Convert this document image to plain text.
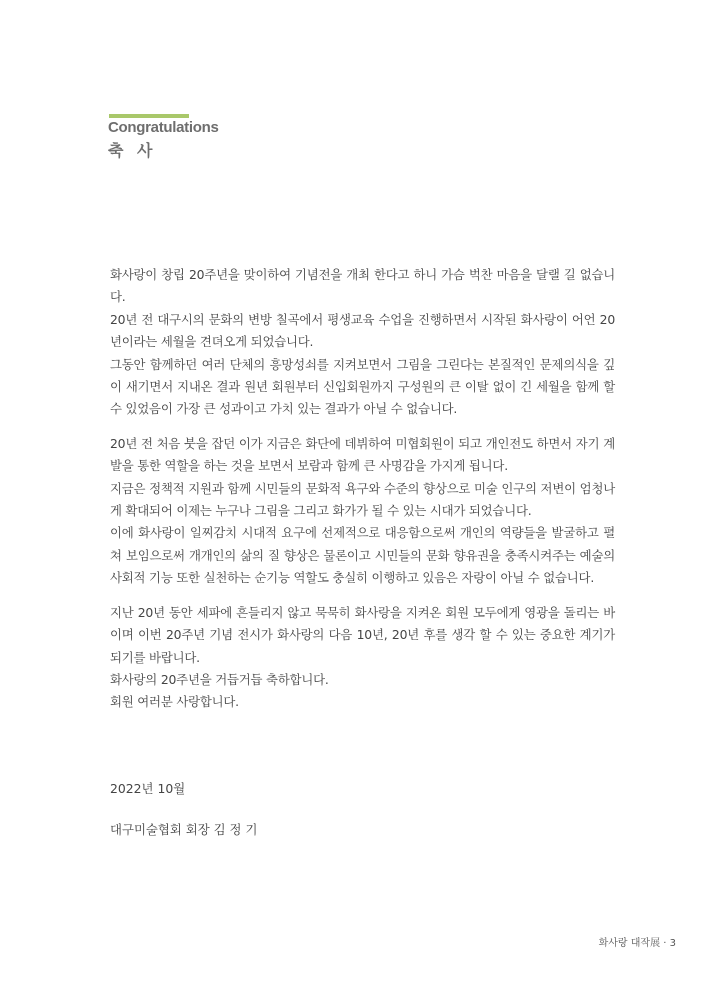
Congratulations
축 사

화사랑이 창립 20주년을 맞이하여 기념전을 개최 한다고 하니 가슴 벅찬 마음을 달랠 길 없습니다.

20년 전 대구시의 문화의 변방 칠곡에서 평생교육 수업을 진행하면서 시작된 화사랑이 어언 20년이라는 세월을 견뎌오게 되었습니다.

그동안 함께하던 여러 단체의 흥망성쇠를 지켜보면서 그림을 그린다는 본질적인 문제의식을 깊이 새기면서 지내온 결과 원년 회원부터 신입회원까지 구성원의 큰 이탈 없이 긴 세월을 함께 할 수 있었음이 가장 큰 성과이고 가치 있는 결과가 아닐 수 없습니다.

20년 전 처음 붓을 잡던 이가 지금은 화단에 데뷔하여 미협회원이 되고 개인전도 하면서 자기 계발을 통한 역할을 하는 것을 보면서 보람과 함께 큰 사명감을 가지게 됩니다.

지금은 정책적 지원과 함께 시민들의 문화적 욕구와 수준의 향상으로 미술 인구의 저변이 엄청나게 확대되어 이제는 누구나 그림을 그리고 화가가 될 수 있는 시대가 되었습니다.

이에 화사랑이 일찌감치 시대적 요구에 선제적으로 대응함으로써 개인의 역량들을 발굴하고 펼쳐 보임으로써 개개인의 삶의 질 향상은 물론이고 시민들의 문화 향유권을 충족시켜주는 예술의 사회적 기능 또한 실천하는 순기능 역할도 충실히 이행하고 있음은 자랑이 아닐 수 없습니다.

지난 20년 동안 세파에 흔들리지 않고 묵묵히 화사랑을 지켜온 회원 모두에게 영광을 돌리는 바이며 이번 20주년 기념 전시가 화사랑의 다음 10년, 20년 후를 생각 할 수 있는 중요한 계기가 되기를 바랍니다.

화사랑의 20주년을 거듭거듭 축하합니다.

회원 여러분 사랑합니다.

2022년 10월
대구미술협회 회장 김 정 기
화사랑 대작展 · 3
